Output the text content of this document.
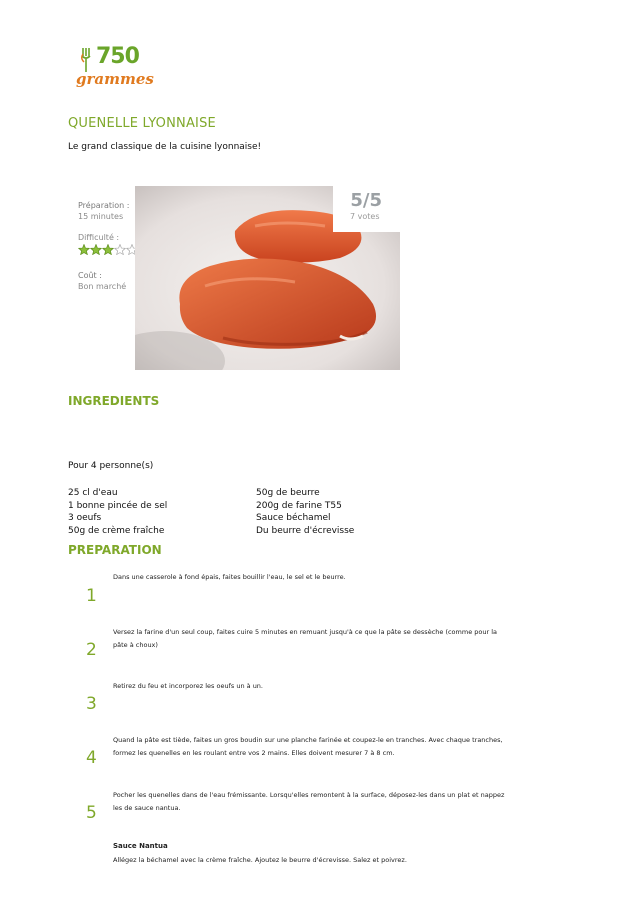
750
grammes
QUENELLE LYONNAISE
Le grand classique de la cuisine lyonnaise!
Préparation :
15 minutes
Difficulté :
Coût :
Bon marché
5/5
7 votes
INGREDIENTS
Pour 4 personne(s)
25 cl d'eau
1 bonne pincée de sel
3 oeufs
50g de crème fraîche
50g de beurre
200g de farine T55
Sauce béchamel
Du beurre d'écrevisse
PREPARATION
1
Dans une casserole à fond épais, faites bouillir l'eau, le sel et le beurre.
2
Versez la farine d'un seul coup, faites cuire 5 minutes en remuant jusqu'à ce que la pâte se dessèche (comme pour la pâte à choux)
3
Retirez du feu et incorporez les oeufs un à un.
4
Quand la pâte est tiède, faites un gros boudin sur une planche farinée et coupez-le en tranches. Avec chaque tranches, formez les quenelles en les roulant entre vos 2 mains. Elles doivent mesurer 7 à 8 cm.
5
Pocher les quenelles dans de l'eau frémissante. Lorsqu'elles remontent à la surface, déposez-les dans un plat et nappez les de sauce nantua.
Sauce Nantua
Allégez la béchamel avec la crème fraîche. Ajoutez le beurre d'écrevisse. Salez et poivrez.
